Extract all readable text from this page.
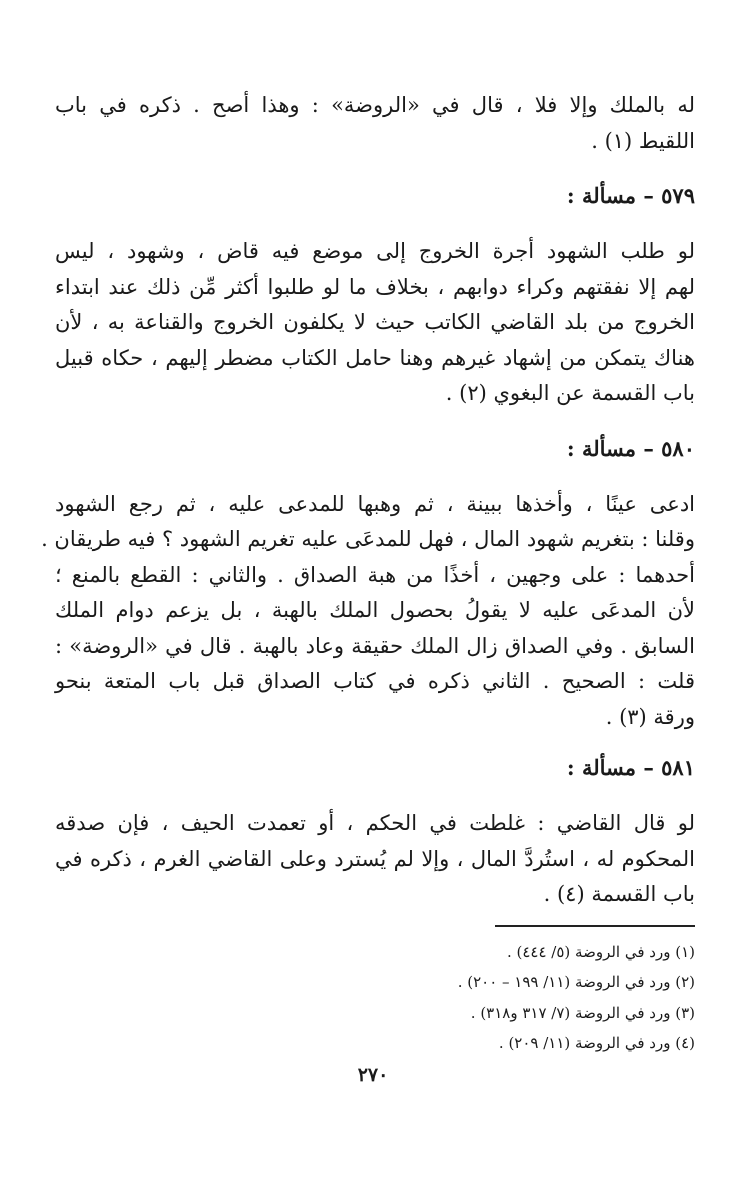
له بالملك وإلا فلا ، قال في «الروضة» : وهذا أصح . ذكره في باب
اللقيط (١) .
٥٧٩ – مسألة :
لو طلب الشهود أجرة الخروج إلى موضع فيه قاض ، وشهود ، ليس
لهم إلا نفقتهم وكراء دوابهم ، بخلاف ما لو طلبوا أكثر مِّن ذلك عند ابتداء
الخروج من بلد القاضي الكاتب حيث لا يكلفون الخروج والقناعة به ، لأن
هناك يتمكن من إشهاد غيرهم وهنا حامل الكتاب مضطر إليهم ، حكاه قبيل
باب القسمة عن البغوي (٢) .
٥٨٠ – مسألة :
ادعى عينًا ، وأخذها ببينة ، ثم وهبها للمدعى عليه ، ثم رجع الشهود
وقلنا : بتغريم شهود المال ، فهل للمدعَى عليه تغريم الشهود ؟ فيه طريقان .
أحدهما : على وجهين ، أخذًا من هبة الصداق . والثاني : القطع بالمنع ؛
لأن المدعَى عليه لا يقولُ بحصول الملك بالهبة ، بل يزعم دوام الملك
السابق . وفي الصداق زال الملك حقيقة وعاد بالهبة . قال في «الروضة» :
قلت : الصحيح . الثاني ذكره في كتاب الصداق قبل باب المتعة بنحو
ورقة (٣) .
٥٨١ – مسألة :
لو قال القاضي : غلطت في الحكم ، أو تعمدت الحيف ، فإن صدقه
المحكوم له ، استُردَّ المال ، وإلا لم يُسترد وعلى القاضي الغرم ، ذكره في
باب القسمة (٤) .
(١) ورد في الروضة (٥/ ٤٤٤) .
(٢) ورد في الروضة (١١/ ١٩٩ – ٢٠٠) .
(٣) ورد في الروضة (٧/ ٣١٧ و٣١٨) .
(٤) ورد في الروضة (١١/ ٢٠٩) .
٢٧٠
